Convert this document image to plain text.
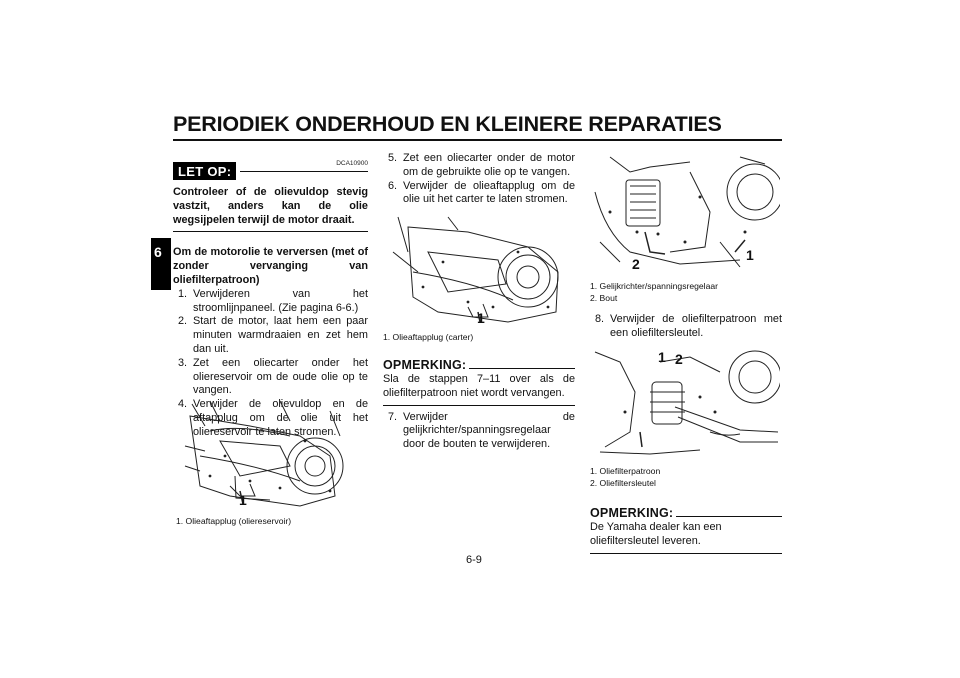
PERIODIEK ONDERHOUD EN KLEINERE REPARATIES
6
DCA10900
LET OP:
Controleer of de olievuldop stevig vastzit, anders kan de olie wegsijpelen terwijl de motor draait.
Om de motorolie te verversen (met of zonder vervanging van oliefilterpatroon)
1. Verwijderen van het stroomlijnpaneel. (Zie pagina 6-6.)
2. Start de motor, laat hem een paar minuten warmdraaien en zet hem dan uit.
3. Zet een oliecarter onder het oliereservoir om de oude olie op te vangen.
4. Verwijder de olievuldop en de aftapplug om de olie uit het oliereservoir te laten stromen.
1
1. Olieaftapplug (oliereservoir)
5. Zet een oliecarter onder de motor om de gebruikte olie op te vangen.
6. Verwijder de olieaftapplug om de olie uit het carter te laten stromen.
1
1. Olieaftapplug (carter)
OPMERKING:
Sla de stappen 7–11 over als de oliefilterpatroon niet wordt vervangen.
7. Verwijder de gelijkrichter/spanningsregelaar door de bouten te verwijderen.
1
2
1. Gelijkrichter/spanningsregelaar
2. Bout
8. Verwijder de oliefilterpatroon met een oliefiltersleutel.
1 2
1. Oliefilterpatroon
2. Oliefiltersleutel
OPMERKING:
De Yamaha dealer kan een oliefiltersleutel leveren.
6-9
